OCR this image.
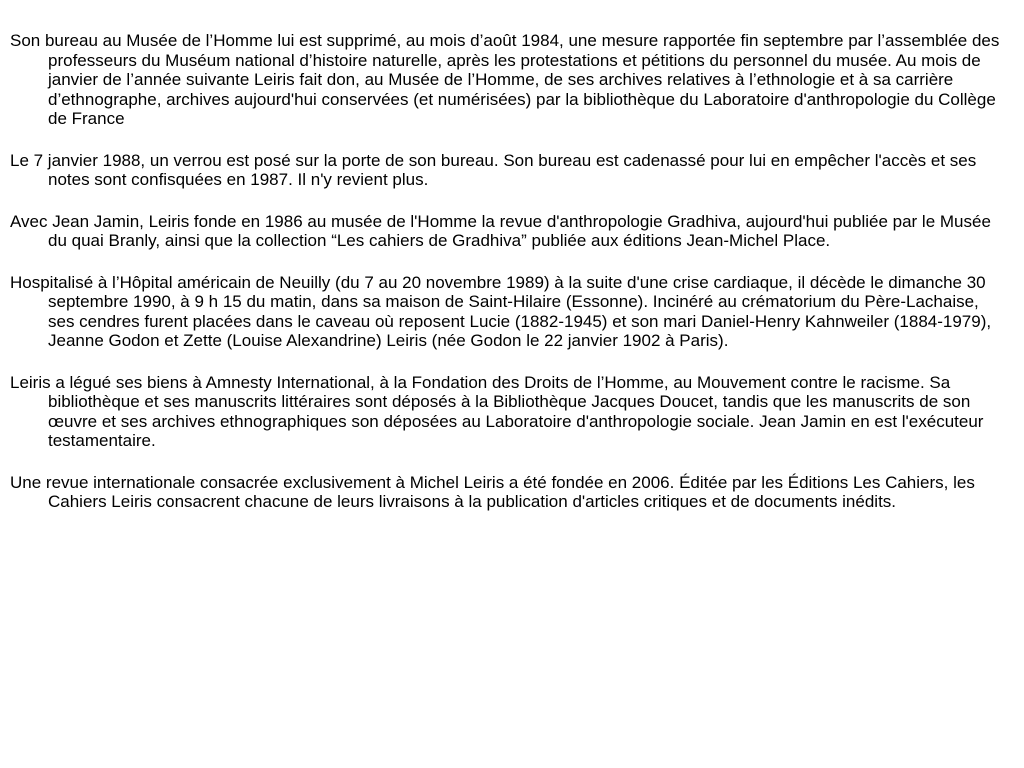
Son bureau au Musée de l’Homme lui est supprimé, au mois d’août 1984, une mesure rapportée fin septembre par l’assemblée des professeurs du Muséum national d’histoire naturelle, après les protestations et pétitions du personnel du musée. Au mois de janvier de l’année suivante Leiris fait don, au Musée de l’Homme, de ses archives relatives à l’ethnologie et à sa carrière d’ethnographe, archives aujourd'hui conservées (et numérisées) par la bibliothèque du Laboratoire d'anthropologie du Collège de France

Le 7 janvier 1988, un verrou est posé sur la porte de son bureau. Son bureau est cadenassé pour lui en empêcher l'accès et ses notes sont confisquées en 1987. Il n'y revient plus.

Avec Jean Jamin, Leiris fonde en 1986 au musée de l'Homme la revue d'anthropologie Gradhiva, aujourd'hui publiée par le Musée du quai Branly, ainsi que la collection “Les cahiers de Gradhiva” publiée aux éditions Jean-Michel Place.

Hospitalisé à l’Hôpital américain de Neuilly (du 7 au 20 novembre 1989) à la suite d'une crise cardiaque, il décède le dimanche 30 septembre 1990, à 9 h 15 du matin, dans sa maison de Saint-Hilaire (Essonne). Incinéré au crématorium du Père-Lachaise, ses cendres furent placées dans le caveau où reposent Lucie (1882-1945) et son mari Daniel-Henry Kahnweiler (1884-1979), Jeanne Godon et Zette (Louise Alexandrine) Leiris (née Godon le 22 janvier 1902 à Paris).

Leiris a légué ses biens à Amnesty International, à la Fondation des Droits de l’Homme, au Mouvement contre le racisme. Sa bibliothèque et ses manuscrits littéraires sont déposés à la Bibliothèque Jacques Doucet, tandis que les manuscrits de son œuvre et ses archives ethnographiques son déposées au Laboratoire d'anthropologie sociale. Jean Jamin en est l'exécuteur testamentaire.

Une revue internationale consacrée exclusivement à Michel Leiris a été fondée en 2006. Éditée par les Éditions Les Cahiers, les Cahiers Leiris consacrent chacune de leurs livraisons à la publication d'articles critiques et de documents inédits.
